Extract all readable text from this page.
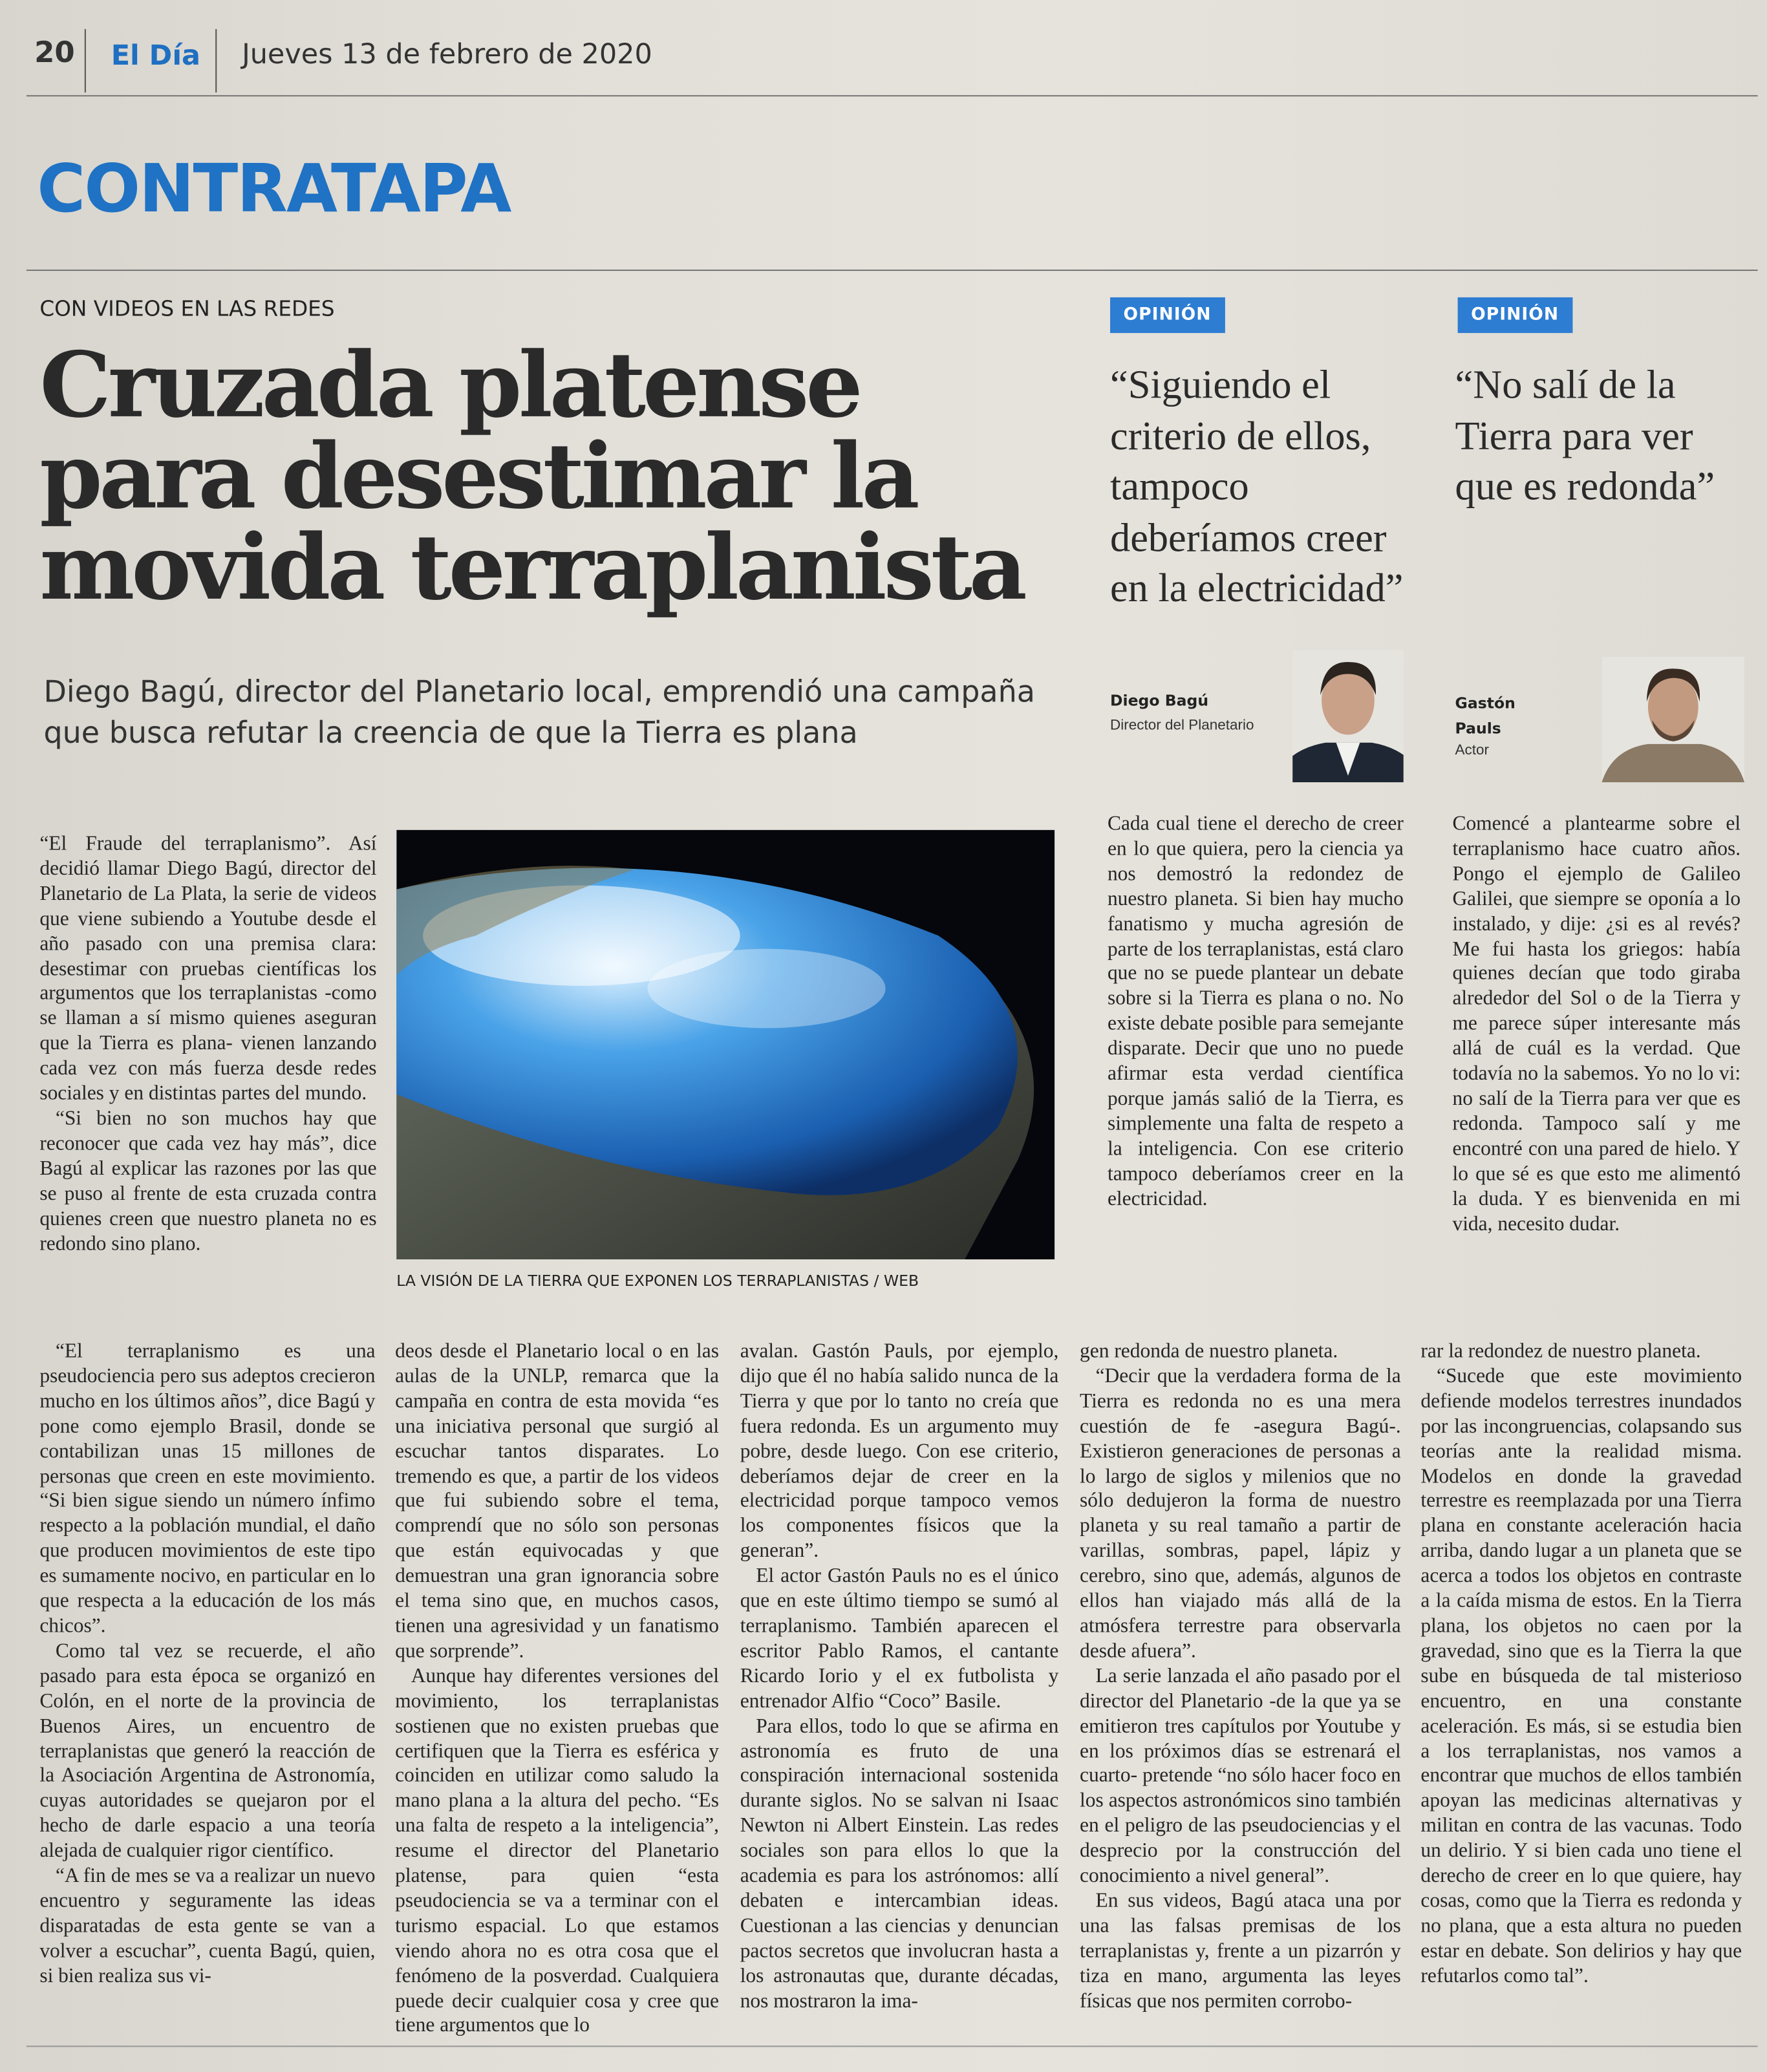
20	El Día	Jueves 13 de febrero de 2020
CONTRATAPA
CON VIDEOS EN LAS REDES
Cruzada platense para desestimar la movida terraplanista
Diego Bagú, director del Planetario local, emprendió una campaña que busca refutar la creencia de que la Tierra es plana

“El Fraude del terraplanismo”. Así decidió llamar Diego Bagú, director del Planetario de La Plata, la serie de videos que viene subiendo a Youtube desde el año pasado con una premisa clara: desestimar con pruebas científicas los argumentos que los terraplanistas -como se llaman a sí mismo quienes aseguran que la Tierra es plana- vienen lanzando cada vez con más fuerza desde redes sociales y en distintas partes del mundo.

“Si bien no son muchos hay que reconocer que cada vez hay más”, dice Bagú al explicar las razones por las que se puso al frente de esta cruzada contra quienes creen que nuestro planeta no es redondo sino plano.

LA VISIÓN DE LA TIERRA QUE EXPONEN LOS TERRAPLANISTAS / WEB

“El terraplanismo es una pseudociencia pero sus adeptos crecieron mucho en los últimos años”, dice Bagú y pone como ejemplo Brasil, donde se contabilizan unas 15 millones de personas que creen en este movimiento. “Si bien sigue siendo un número ínfimo respecto a la población mundial, el daño que producen movimientos de este tipo es sumamente nocivo, en particular en lo que respecta a la educación de los más chicos”.

Como tal vez se recuerde, el año pasado para esta época se organizó en Colón, en el norte de la provincia de Buenos Aires, un encuentro de terraplanistas que generó la reacción de la Asociación Argentina de Astronomía, cuyas autoridades se quejaron por el hecho de darle espacio a una teoría alejada de cualquier rigor científico.

“A fin de mes se va a realizar un nuevo encuentro y seguramente las ideas disparatadas de esta gente se van a volver a escuchar”, cuenta Bagú, quien, si bien realiza sus vi-

deos desde el Planetario local o en las aulas de la UNLP, remarca que la campaña en contra de esta movida “es una iniciativa personal que surgió al escuchar tantos disparates. Lo tremendo es que, a partir de los videos que fui subiendo sobre el tema, comprendí que no sólo son personas que están equivocadas y que demuestran una gran ignorancia sobre el tema sino que, en muchos casos, tienen una agresividad y un fanatismo que sorprende”.

Aunque hay diferentes versiones del movimiento, los terraplanistas sostienen que no existen pruebas que certifiquen que la Tierra es esférica y coinciden en utilizar como saludo la mano plana a la altura del pecho. “Es una falta de respeto a la inteligencia”, resume el director del Planetario platense, para quien “esta pseudociencia se va a terminar con el turismo espacial. Lo que estamos viendo ahora no es otra cosa que el fenómeno de la posverdad. Cualquiera puede decir cualquier cosa y cree que tiene argumentos que lo

avalan. Gastón Pauls, por ejemplo, dijo que él no había salido nunca de la Tierra y que por lo tanto no creía que fuera redonda. Es un argumento muy pobre, desde luego. Con ese criterio, deberíamos dejar de creer en la electricidad porque tampoco vemos los componentes físicos que la generan”.

El actor Gastón Pauls no es el único que en este último tiempo se sumó al terraplanismo. También aparecen el escritor Pablo Ramos, el cantante Ricardo Iorio y el ex futbolista y entrenador Alfio “Coco” Basile.

Para ellos, todo lo que se afirma en astronomía es fruto de una conspiración internacional sostenida durante siglos. No se salvan ni Isaac Newton ni Albert Einstein. Las redes sociales son para ellos lo que la academia es para los astrónomos: allí debaten e intercambian ideas. Cuestionan a las ciencias y denuncian pactos secretos que involucran hasta a los astronautas que, durante décadas, nos mostraron la ima-

gen redonda de nuestro planeta.

“Decir que la verdadera forma de la Tierra es redonda no es una mera cuestión de fe -asegura Bagú-. Existieron generaciones de personas a lo largo de siglos y milenios que no sólo dedujeron la forma de nuestro planeta y su real tamaño a partir de varillas, sombras, papel, lápiz y cerebro, sino que, además, algunos de ellos han viajado más allá de la atmósfera terrestre para observarla desde afuera”.

La serie lanzada el año pasado por el director del Planetario -de la que ya se emitieron tres capítulos por Youtube y en los próximos días se estrenará el cuarto- pretende “no sólo hacer foco en los aspectos astronómicos sino también en el peligro de las pseudociencias y el desprecio por la construcción del conocimiento a nivel general”.

En sus videos, Bagú ataca una por una las falsas premisas de los terraplanistas y, frente a un pizarrón y tiza en mano, argumenta las leyes físicas que nos permiten corrobo-

rar la redondez de nuestro planeta.

“Sucede que este movimiento defiende modelos terrestres inundados por las incongruencias, colapsando sus teorías ante la realidad misma. Modelos en donde la gravedad terrestre es reemplazada por una Tierra plana en constante aceleración hacia arriba, dando lugar a un planeta que se acerca a todos los objetos en contraste a la caída misma de estos. En la Tierra plana, los objetos no caen por la gravedad, sino que es la Tierra la que sube en búsqueda de tal misterioso encuentro, en una constante aceleración. Es más, si se estudia bien a los terraplanistas, nos vamos a encontrar que muchos de ellos también apoyan las medicinas alternativas y militan en contra de las vacunas. Todo un delirio. Y si bien cada uno tiene el derecho de creer en lo que quiere, hay cosas, como que la Tierra es redonda y no plana, que a esta altura no pueden estar en debate. Son delirios y hay que refutarlos como tal”.

OPINIÓN
“Siguiendo el criterio de ellos, tampoco deberíamos creer en la electricidad”
Diego Bagú
Director del Planetario

Cada cual tiene el derecho de creer en lo que quiera, pero la ciencia ya nos demostró la redondez de nuestro planeta. Si bien hay mucho fanatismo y mucha agresión de parte de los terraplanistas, está claro que no se puede plantear un debate sobre si la Tierra es plana o no. No existe debate posible para semejante disparate. Decir que uno no puede afirmar esta verdad científica porque jamás salió de la Tierra, es simplemente una falta de respeto a la inteligencia. Con ese criterio tampoco deberíamos creer en la electricidad.

OPINIÓN
“No salí de la Tierra para ver que es redonda”
Gastón Pauls
Actor

Comencé a plantearme sobre el terraplanismo hace cuatro años. Pongo el ejemplo de Galileo Galilei, que siempre se oponía a lo instalado, y dije: ¿si es al revés? Me fui hasta los griegos: había quienes decían que todo giraba alrededor del Sol o de la Tierra y me parece súper interesante más allá de cuál es la verdad. Que todavía no la sabemos. Yo no lo vi: no salí de la Tierra para ver que es redonda. Tampoco salí y me encontré con una pared de hielo. Y lo que sé es que esto me alimentó la duda. Y es bienvenida en mi vida, necesito dudar.
